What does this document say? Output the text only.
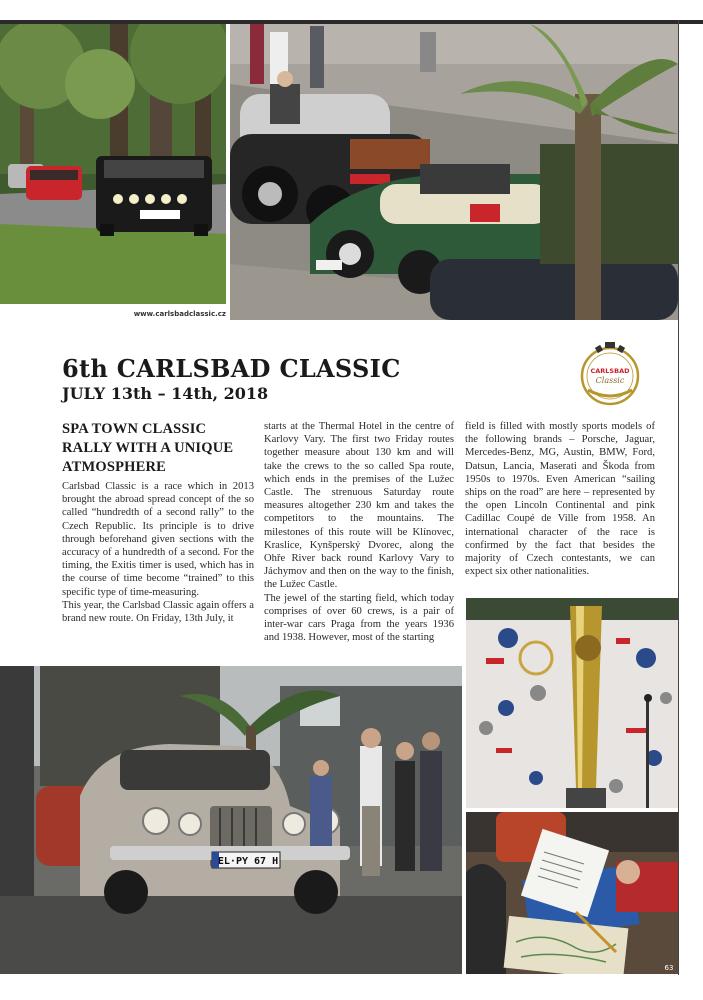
www.carlsbadclassic.cz
6th CARLSBAD CLASSIC
JULY 13th – 14th, 2018
CARLSBAD
Classic
SPA TOWN CLASSIC
RALLY WITH A UNIQUE
ATMOSPHERE

Carlsbad Classic is a race which in 2013 brought the abroad spread concept of the so called “hundredth of a second rally” to the Czech Republic. Its principle is to drive through beforehand given sections with the accuracy of a hundredth of a second. For the timing, the Exitis timer is used, which has in the course of time become “trained” to this specific type of time-measuring.

This year, the Carlsbad Classic again offers a brand new route. On Friday, 13th July, it

starts at the Thermal Hotel in the centre of Karlovy Vary. The first two Friday routes together measure about 130 km and will take the crews to the so called Spa route, which ends in the premises of the Lužec Castle. The strenuous Saturday route measures altogether 230 km and takes the competitors to the mountains. The milestones of this route will be Klínovec, Kraslice, Kynšperský Dvorec, along the Ohře River back round Karlovy Vary to Jáchymov and then on the way to the finish, the Lužec Castle.

The jewel of the starting field, which today comprises of over 60 crews, is a pair of inter-war cars Praga from the years 1936 and 1938. However, most of the starting

field is filled with mostly sports models of the following brands – Porsche, Jaguar, Mercedes-Benz, MG, Austin, BMW, Ford, Datsun, Lancia, Maserati and Škoda from 1950s to 1970s. Even American “sailing ships on the road” are here – represented by the open Lincoln Continental and pink Cadillac Coupé de Ville from 1958. An international character of the race is confirmed by the fact that besides the majority of Czech contestants, we can expect six other nationalities.

EL·PY 67 H
63
